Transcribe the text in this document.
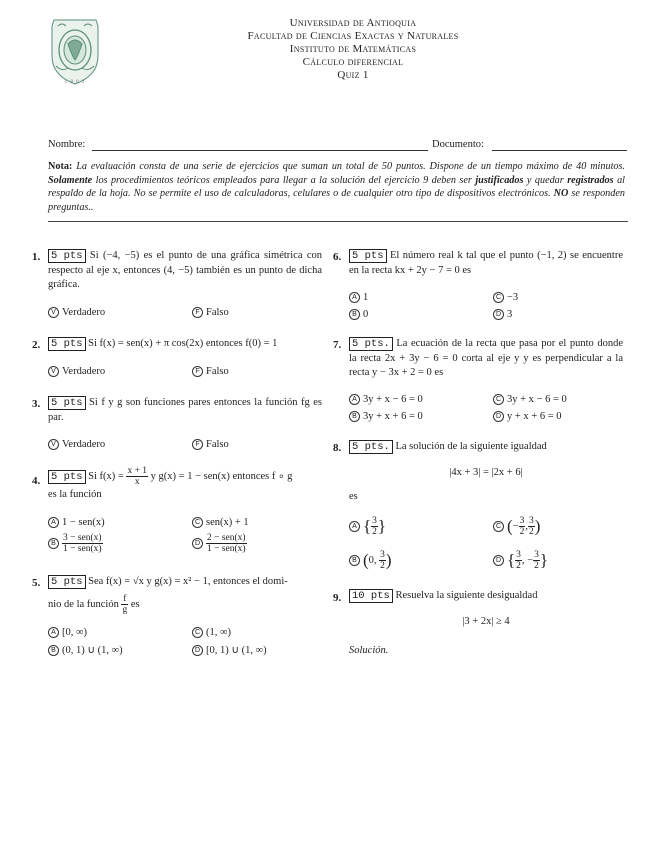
1 8 0 3
Universidad de Antioquia
Facultad de Ciencias Exactas y Naturales
Instituto de Matemáticas
Cálculo diferencial
Quiz 1
Nombre:	Documento:
Nota: La evaluación consta de una serie de ejercicios que suman un total de 50 puntos. Dispone de un tiempo máximo de 40 minutos. Solamente los procedimientos teóricos empleados para llegar a la solución del ejercicio 9 deben ser justificados y quedar registrados al respaldo de la hoja. No se permite el uso de calculadoras, celulares o de cualquier otro tipo de dispositivos electrónicos. NO se responden preguntas..
1. 5 pts Si (−4, −5) es el punto de una gráfica simétrica con respecto al eje x, entonces (4, −5) también es un punto de dicha gráfica.
V Verdadero	F Falso
2. 5 pts Si f(x) = sen(x) + π cos(2x) entonces f(0) = 1
V Verdadero	F Falso
3. 5 pts Si f y g son funciones pares entonces la función fg es par.
V Verdadero	F Falso
4. 5 pts Si $f(x) = \frac{x + 1}{x}$ y g(x) = 1 − sen(x) entonces f ∘ g
es la función
A 1 − sen(x)	C sen(x) + 1
B $\frac{\text{3 − sen(x)}}{\text{1 − sen(x)}}$	D $\frac{\text{2 − sen(x)}}{\text{1 − sen(x)}}$
5. 5 pts Sea f(x) = √x y g(x) = x² − 1, entonces el domi-
nio de la función $\frac{f}{g}$ es
A [0, ∞)	C (1, ∞)
B (0, 1) ∪ (1, ∞)	D [0, 1) ∪ (1, ∞)
6. 5 pts El número real k tal que el punto (−1, 2) se encuentre en la recta kx + 2y − 7 = 0 es
A 1	C −3
B 0	D 3
7. 5 pts. La ecuación de la recta que pasa por el punto donde la recta 2x + 3y − 6 = 0 corta al eje y y es perpendicular a la recta y − 3x + 2 = 0 es
A 3y + x − 6 = 0	C 3y + x − 6 = 0
B 3y + x + 6 = 0	D y + x + 6 = 0
8. 5 pts. La solución de la siguiente igualdad
|4x + 3| = |2x + 6|
es
A { $\frac{3}{2}$ }	C (− $\frac{3}{2}$ , $\frac{3}{2}$ )
B (0, $\frac{3}{2}$ )	D { $\frac{3}{2}$ , − $\frac{3}{2}$ }
9. 10 pts Resuelva la siguiente desigualdad
|3 + 2x| ≥ 4
Solución.
